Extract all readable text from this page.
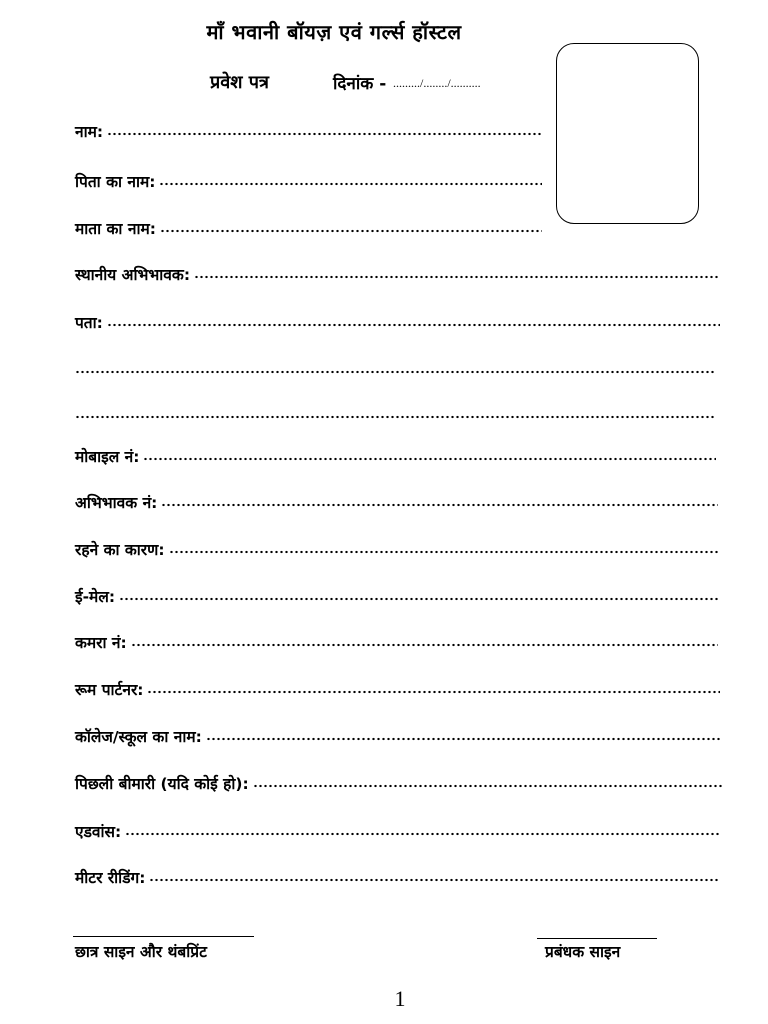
माँ भवानी बॉयज़ एवं गर्ल्स हॉस्टल
प्रवेश पत्र	दिनांक - ........./......../..........
नाम:
पिता का नाम:
माता का नाम:
स्थानीय अभिभावक:
पता:
मोबाइल नं:
अभिभावक नं:
रहने का कारण:
ई-मेल:
कमरा नं:
रूम पार्टनर:
कॉलेज/स्कूल का नाम:
पिछली बीमारी (यदि कोई हो):
एडवांस:
मीटर रीडिंग:
छात्र साइन और थंबप्रिंट	प्रबंधक साइन
1
